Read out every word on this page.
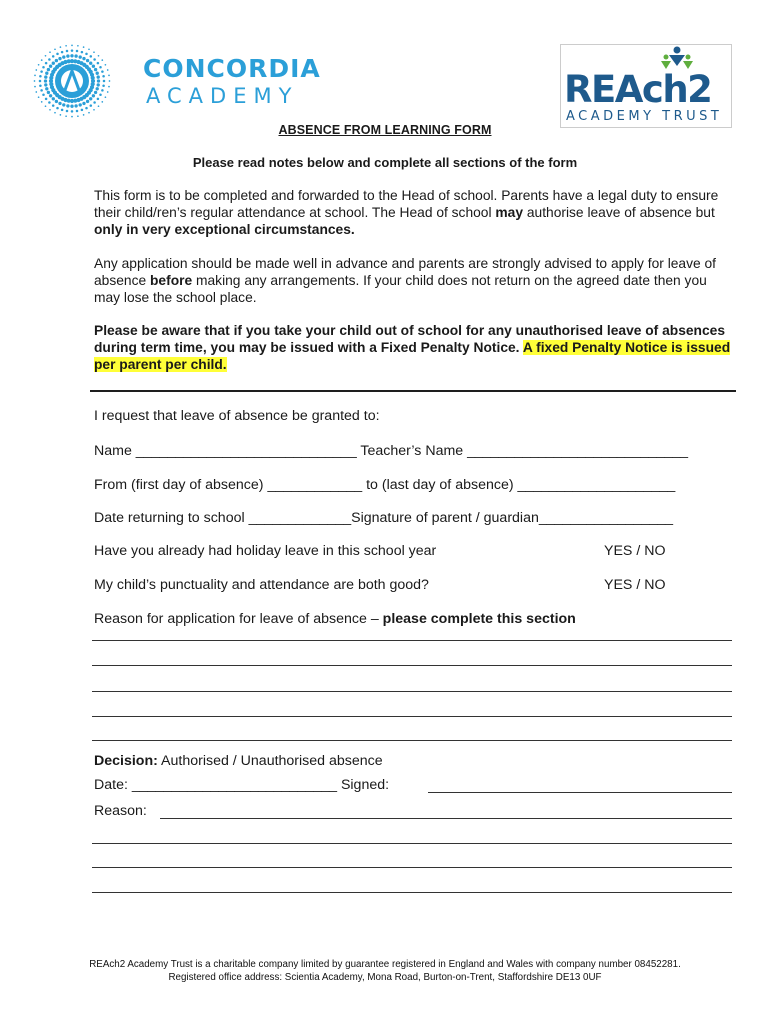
CONCORDIA
ACADEMY	REAch2
ACADEMY TRUST
ABSENCE FROM LEARNING FORM
Please read notes below and complete all sections of the form

This form is to be completed and forwarded to the Head of school. Parents have a legal duty to ensure their child/ren’s regular attendance at school. The Head of school may authorise leave of absence but only in very exceptional circumstances.

Any application should be made well in advance and parents are strongly advised to apply for leave of absence before making any arrangements. If your child does not return on the agreed date then you may lose the school place.

Please be aware that if you take your child out of school for any unauthorised leave of absences during term time, you may be issued with a Fixed Penalty Notice. A fixed Penalty Notice is issued per parent per child.

I request that leave of absence be granted to:
Name ____________________________ Teacher’s Name ____________________________
From (first day of absence) ____________ to (last day of absence) ____________________
Date returning to school _____________Signature of parent / guardian_________________
Have you already had holiday leave in this school year	YES / NO
My child’s punctuality and attendance are both good?	YES / NO
Reason for application for leave of absence – please complete this section
Decision: Authorised / Unauthorised absence
Date: __________________________ Signed:
Reason:
REAch2 Academy Trust is a charitable company limited by guarantee registered in England and Wales with company number 08452281.
Registered office address: Scientia Academy, Mona Road, Burton-on-Trent, Staffordshire DE13 0UF
